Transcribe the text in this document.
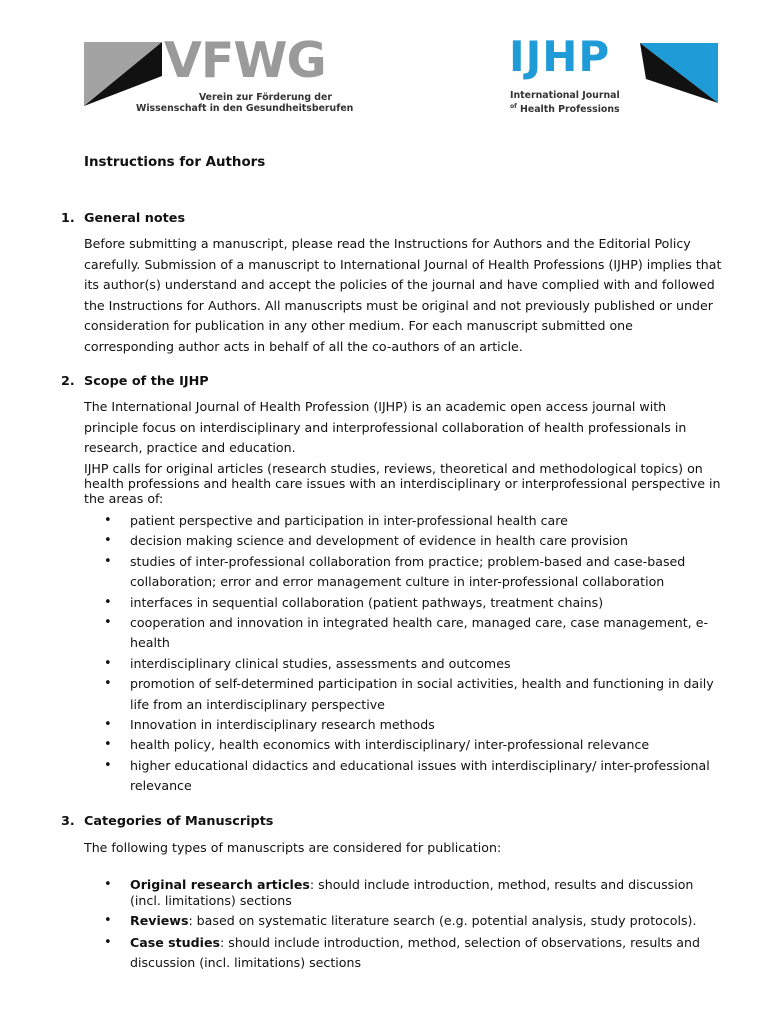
VFWG
Verein zur Förderung der
Wissenschaft in den Gesundheitsberufen
IJHP
International Journal
$^{of}$ Health Professions
Instructions for Authors
1. General notes
Before submitting a manuscript, please read the Instructions for Authors and the Editorial Policy carefully. Submission of a manuscript to International Journal of Health Professions (IJHP) implies that its author(s) understand and accept the policies of the journal and have complied with and followed the Instructions for Authors. All manuscripts must be original and not previously published or under consideration for publication in any other medium. For each manuscript submitted one corresponding author acts in behalf of all the co-authors of an article.
2. Scope of the IJHP
The International Journal of Health Profession (IJHP) is an academic open access journal with principle focus on interdisciplinary and interprofessional collaboration of health professionals in research, practice and education.
IJHP calls for original articles (research studies, reviews, theoretical and methodological topics) on health professions and health care issues with an interdisciplinary or interprofessional perspective in the areas of:
• patient perspective and participation in inter-professional health care
• decision making science and development of evidence in health care provision
• studies of inter-professional collaboration from practice; problem-based and case-based collaboration; error and error management culture in inter-professional collaboration
• interfaces in sequential collaboration (patient pathways, treatment chains)
• cooperation and innovation in integrated health care, managed care, case management, e-health
• interdisciplinary clinical studies, assessments and outcomes
• promotion of self-determined participation in social activities, health and functioning in daily life from an interdisciplinary perspective
• Innovation in interdisciplinary research methods
• health policy, health economics with interdisciplinary/ inter-professional relevance
• higher educational didactics and educational issues with interdisciplinary/ inter-professional relevance
3. Categories of Manuscripts
The following types of manuscripts are considered for publication:
• Original research articles: should include introduction, method, results and discussion (incl. limitations) sections
• Reviews: based on systematic literature search (e.g. potential analysis, study protocols).
• Case studies: should include introduction, method, selection of observations, results and discussion (incl. limitations) sections
